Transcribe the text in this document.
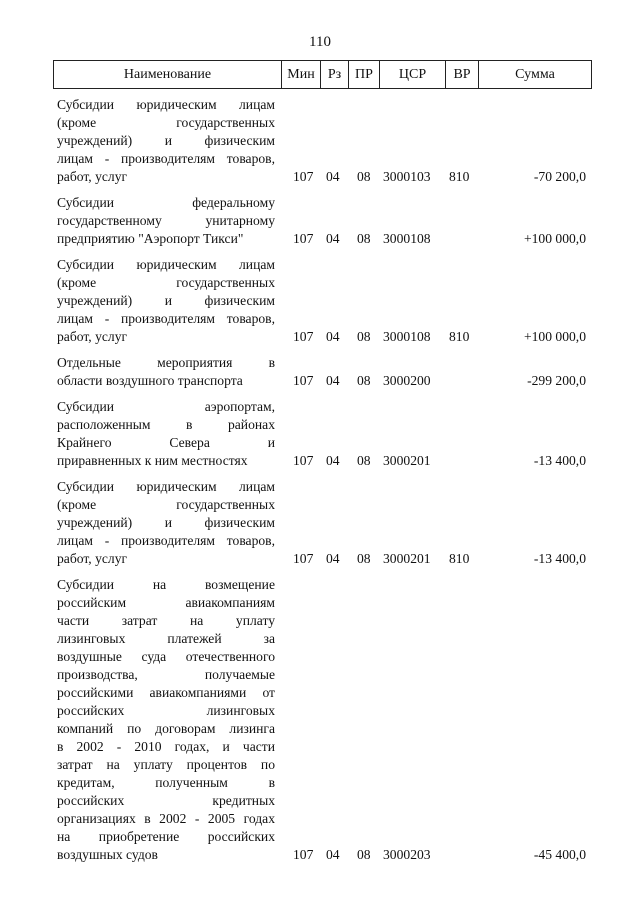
110
Наименование	Мин Рз ПР	ЦСР	ВР	Сумма
Субсидии юридическим лицам
(кроме государственных
учреждений) и физическим
лицам - производителям товаров,
работ, услуг	107 04 08 3000103 810	-70 200,0
Субсидии федеральному
государственному унитарному
предприятию "Аэропорт Тикси"	107 04 08 3000108	+100 000,0
Субсидии юридическим лицам
(кроме государственных
учреждений) и физическим
лицам - производителям товаров,
работ, услуг	107 04 08 3000108 810	+100 000,0
Отдельные мероприятия в
области воздушного транспорта	107 04 08 3000200	-299 200,0
Субсидии аэропортам,
расположенным в районах
Крайнего Севера и
приравненных к ним местностях	107 04 08 3000201	-13 400,0
Субсидии юридическим лицам
(кроме государственных
учреждений) и физическим
лицам - производителям товаров,
работ, услуг	107 04 08 3000201 810	-13 400,0
Субсидии на возмещение
российским авиакомпаниям
части затрат на уплату
лизинговых платежей за
воздушные суда отечественного
производства, получаемые
российскими авиакомпаниями от
российских лизинговых
компаний по договорам лизинга
в 2002 - 2010 годах, и части
затрат на уплату процентов по
кредитам, полученным в
российских кредитных
организациях в 2002 - 2005 годах
на приобретение российских
воздушных судов	107 04 08 3000203	-45 400,0
